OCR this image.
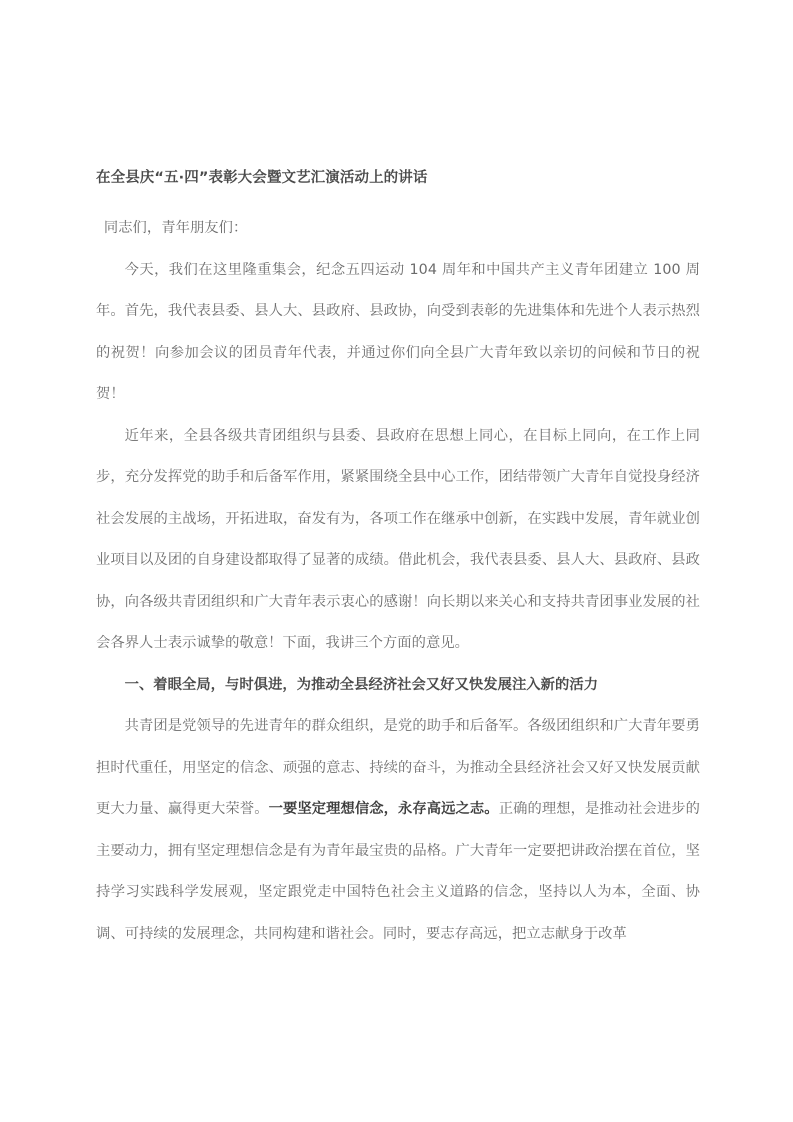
在全县庆“五·四”表彰大会暨文艺汇演活动上的讲话

同志们，青年朋友们：

今天，我们在这里隆重集会，纪念五四运动 104 周年和中国共产主义青年团建立 100 周年。首先，我代表县委、县人大、县政府、县政协，向受到表彰的先进集体和先进个人表示热烈的祝贺！向参加会议的团员青年代表，并通过你们向全县广大青年致以亲切的问候和节日的祝贺！

近年来，全县各级共青团组织与县委、县政府在思想上同心，在目标上同向，在工作上同步，充分发挥党的助手和后备军作用，紧紧围绕全县中心工作，团结带领广大青年自觉投身经济社会发展的主战场，开拓进取，奋发有为，各项工作在继承中创新，在实践中发展，青年就业创业项目以及团的自身建设都取得了显著的成绩。借此机会，我代表县委、县人大、县政府、县政协，向各级共青团组织和广大青年表示衷心的感谢！向长期以来关心和支持共青团事业发展的社会各界人士表示诚挚的敬意！下面，我讲三个方面的意见。

一、着眼全局，与时俱进，为推动全县经济社会又好又快发展注入新的活力

共青团是党领导的先进青年的群众组织，是党的助手和后备军。各级团组织和广大青年要勇担时代重任，用坚定的信念、顽强的意志、持续的奋斗，为推动全县经济社会又好又快发展贡献更大力量、赢得更大荣誉。一要坚定理想信念，永存高远之志。正确的理想，是推动社会进步的主要动力，拥有坚定理想信念是有为青年最宝贵的品格。广大青年一定要把讲政治摆在首位，坚持学习实践科学发展观，坚定跟党走中国特色社会主义道路的信念，坚持以人为本，全面、协调、可持续的发展理念，共同构建和谐社会。同时，要志存高远，把立志献身于改革
